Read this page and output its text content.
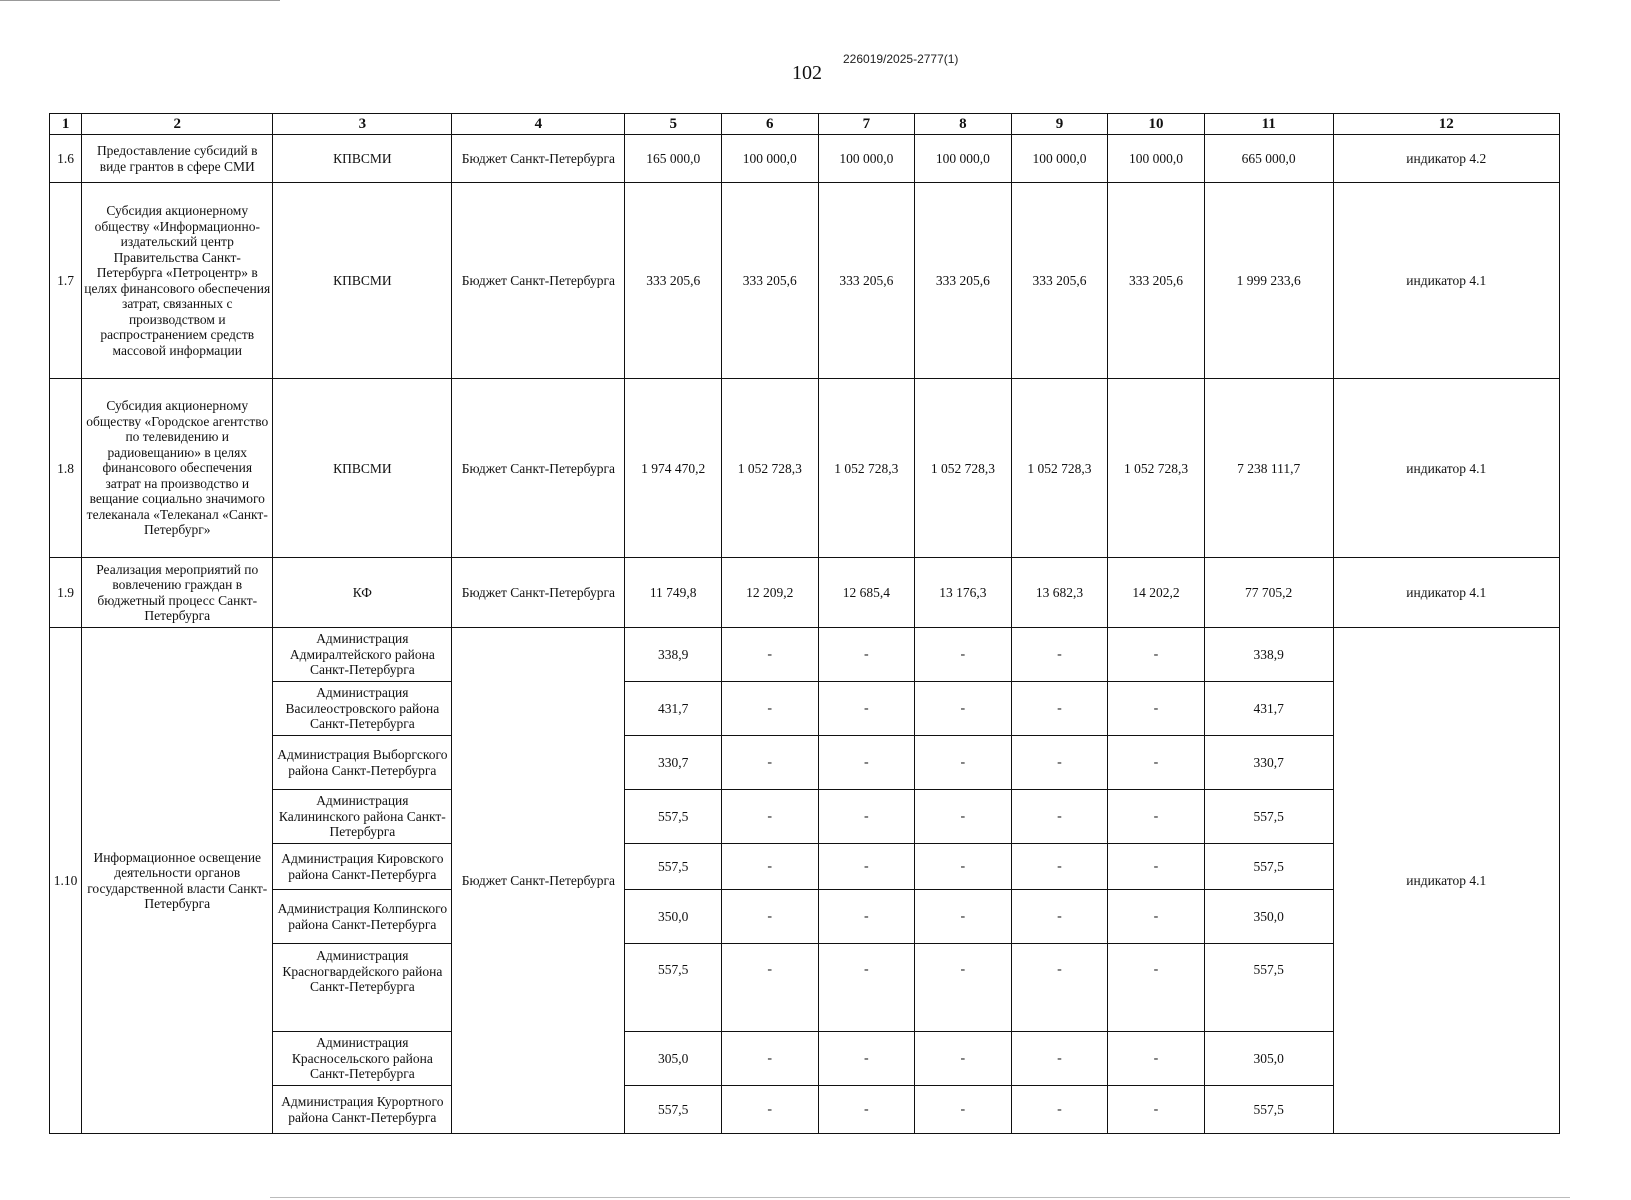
102
226019/2025-2777(1)
1	2	3	4	5	6	7	8	9	10	11	12
1.6	Предоставление субсидий в виде грантов в сфере СМИ	КПВСМИ	Бюджет Санкт-Петербурга	165 000,0	100 000,0	100 000,0	100 000,0	100 000,0	100 000,0	665 000,0	индикатор 4.2
1.7	Субсидия акционерному обществу «Информационно-издательский центр Правительства Санкт-Петербурга «Петроцентр» в целях финансового обеспечения затрат, связанных с производством и распространением средств массовой информации	КПВСМИ	Бюджет Санкт-Петербурга	333 205,6	333 205,6	333 205,6	333 205,6	333 205,6	333 205,6	1 999 233,6	индикатор 4.1
1.8	Субсидия акционерному обществу «Городское агентство по телевидению и радиовещанию» в целях финансового обеспечения затрат на производство и вещание социально значимого телеканала «Телеканал «Санкт-Петербург»	КПВСМИ	Бюджет Санкт-Петербурга	1 974 470,2	1 052 728,3	1 052 728,3	1 052 728,3	1 052 728,3	1 052 728,3	7 238 111,7	индикатор 4.1
1.9	Реализация мероприятий по вовлечению граждан в бюджетный процесс Санкт-Петербурга	КФ	Бюджет Санкт-Петербурга	11 749,8	12 209,2	12 685,4	13 176,3	13 682,3	14 202,2	77 705,2	индикатор 4.1
1.10	Информационное освещение деятельности органов государственной власти Санкт-Петербурга	Администрация Адмиралтейского района Санкт-Петербурга	Бюджет Санкт-Петербурга	338,9	-	-	-	-	-	338,9	индикатор 4.1
		Администрация Василеостровского района Санкт-Петербурга		431,7	-	-	-	-	-	431,7	
		Администрация Выборгского района Санкт-Петербурга		330,7	-	-	-	-	-	330,7	
		Администрация Калининского района Санкт-Петербурга		557,5	-	-	-	-	-	557,5	
		Администрация Кировского района Санкт-Петербурга		557,5	-	-	-	-	-	557,5	
		Администрация Колпинского района Санкт-Петербурга		350,0	-	-	-	-	-	350,0	
		Администрация Красногвардейского района Санкт-Петербурга		557,5	-	-	-	-	-	557,5	
		Администрация Красносельского района Санкт-Петербурга		305,0	-	-	-	-	-	305,0	
		Администрация Курортного района Санкт-Петербурга		557,5	-	-	-	-	-	557,5	
